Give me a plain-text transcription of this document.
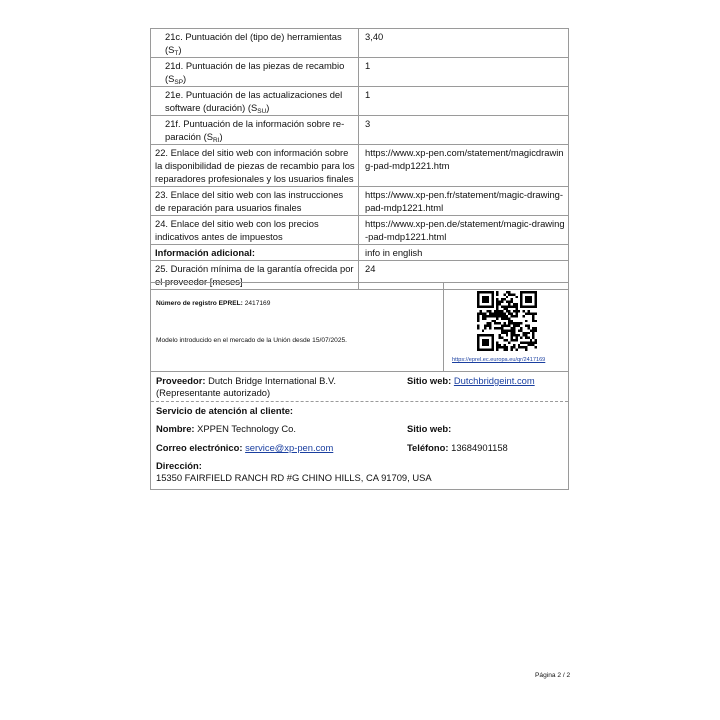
21c. Puntuación del (tipo de) herramientas $(S_T)$	3,40
21d. Puntuación de las piezas de recambio $(S_{SP})$	1
21e. Puntuación de las actualizaciones del software (duración) $(S_{SU})$	1
21f. Puntuación de la información sobre re-paración $(S_{RI})$	3
22. Enlace del sitio web con información sobre la disponibilidad de piezas de recambio para los reparadores profesionales y los usuarios finales	https://www.xp-pen.com/statement/magicdrawing-pad-mdp1221.htm
23. Enlace del sitio web con las instrucciones de reparación para usuarios finales	https://www.xp-pen.fr/statement/magic-drawing-pad-mdp1221.html
24. Enlace del sitio web con los precios indicativos antes de impuestos	https://www.xp-pen.de/statement/magic-drawing-pad-mdp1221.html
Información adicional:	info in english
25. Duración mínima de la garantía ofrecida por el proveedor [meses]	24
Número de registro EPREL: 2417169
Modelo introducido en el mercado de la Unión desde 15/07/2025.
https://eprel.ec.europa.eu/qr/2417169
Proveedor: Dutch Bridge International B.V. (Representante autorizado)
Sitio web: Dutchbridgeint.com
Servicio de atención al cliente:
Nombre: XPPEN Technology Co.	Sitio web:
Correo electrónico: service@xp-pen.com	Teléfono: 13684901158
Dirección:
15350 FAIRFIELD RANCH RD #G CHINO HILLS, CA 91709, USA
Página 2 / 2
